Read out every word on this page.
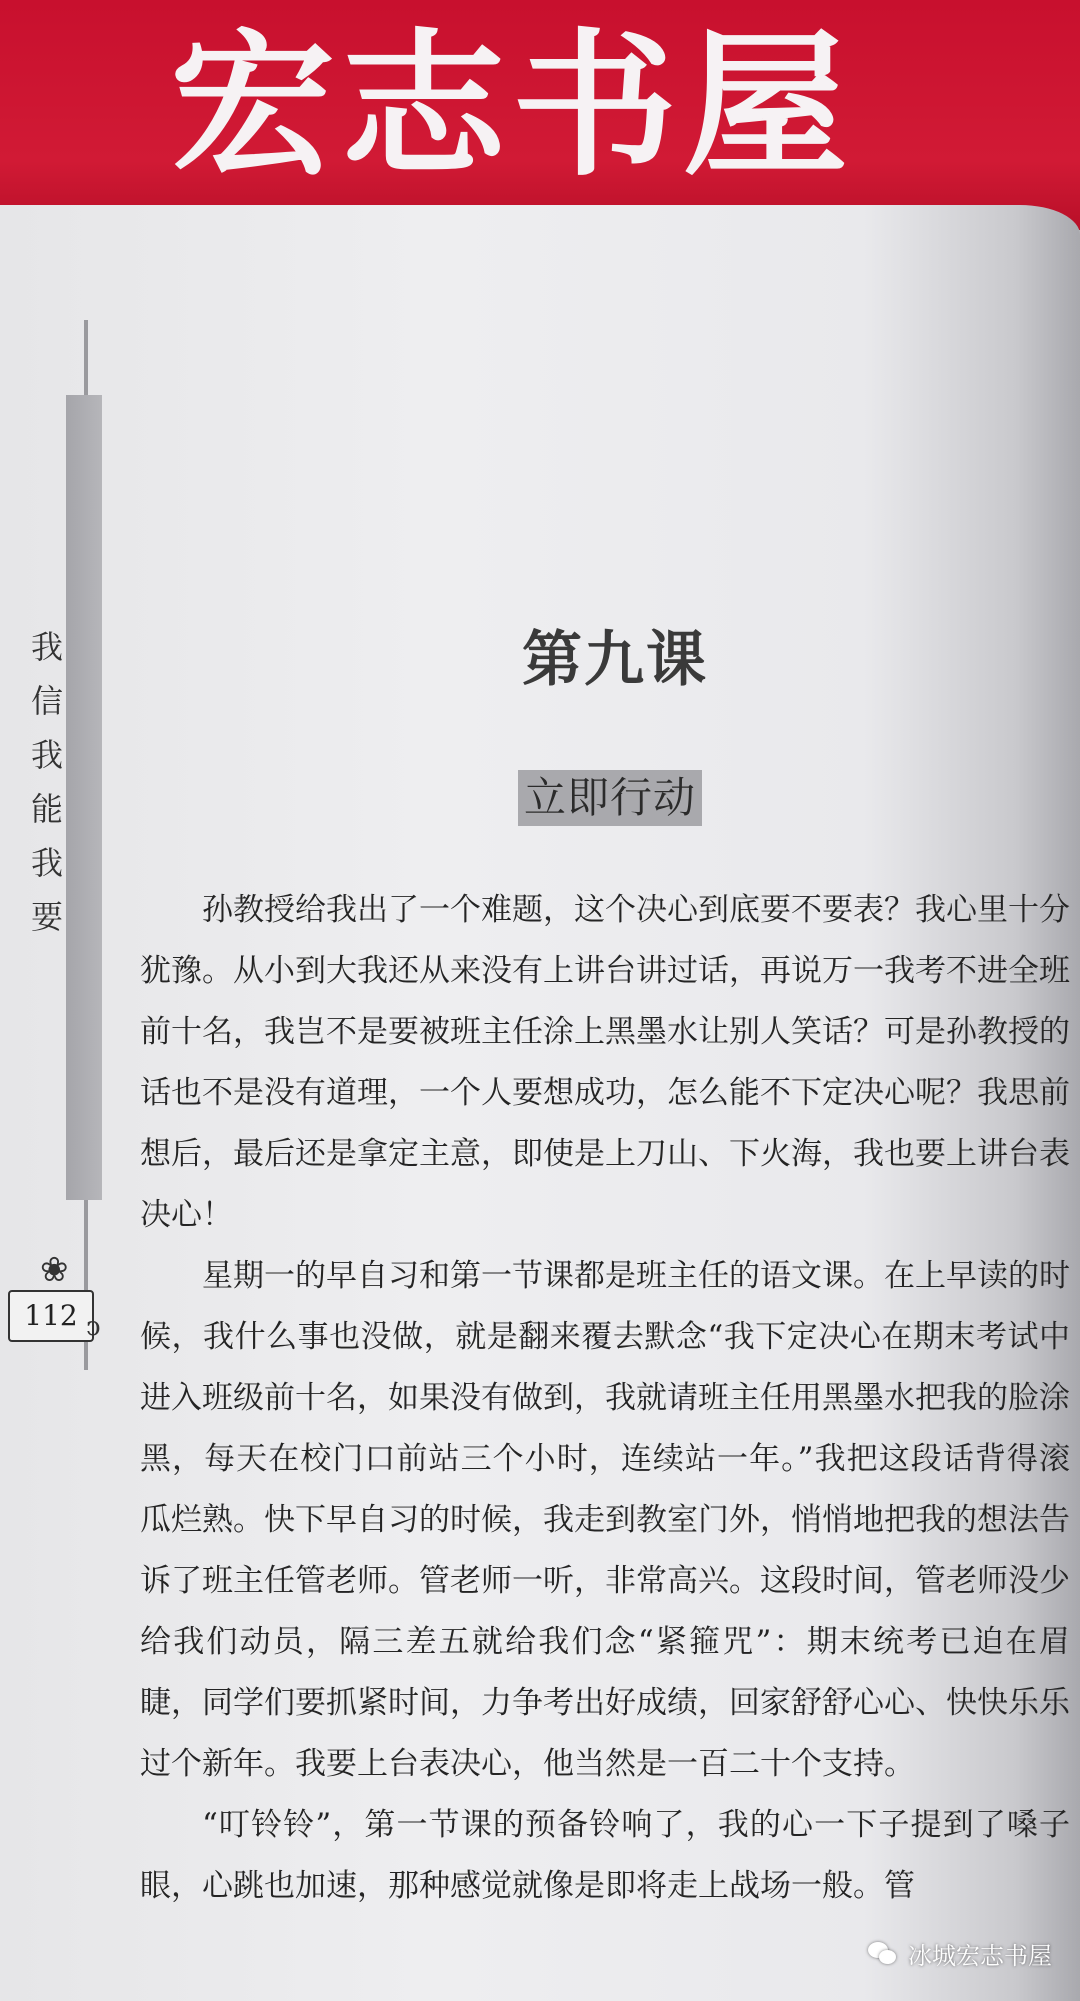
宏志书屋
我信我能我要
❀
112 ↄ
第九课
立即行动

孙教授给我出了一个难题，这个决心到底要不要表？我心里十分犹豫。从小到大我还从来没有上讲台讲过话，再说万一我考不进全班前十名，我岂不是要被班主任涂上黑墨水让别人笑话？可是孙教授的话也不是没有道理，一个人要想成功，怎么能不下定决心呢？我思前想后，最后还是拿定主意，即使是上刀山、下火海，我也要上讲台表决心！

星期一的早自习和第一节课都是班主任的语文课。在上早读的时候，我什么事也没做，就是翻来覆去默念“我下定决心在期末考试中进入班级前十名，如果没有做到，我就请班主任用黑墨水把我的脸涂黑，每天在校门口前站三个小时，连续站一年。”我把这段话背得滚瓜烂熟。快下早自习的时候，我走到教室门外，悄悄地把我的想法告诉了班主任管老师。管老师一听，非常高兴。这段时间，管老师没少给我们动员，隔三差五就给我们念“紧箍咒”：期末统考已迫在眉睫，同学们要抓紧时间，力争考出好成绩，回家舒舒心心、快快乐乐过个新年。我要上台表决心，他当然是一百二十个支持。

“叮铃铃”，第一节课的预备铃响了，我的心一下子提到了嗓子眼，心跳也加速，那种感觉就像是即将走上战场一般。管

冰城宏志书屋
